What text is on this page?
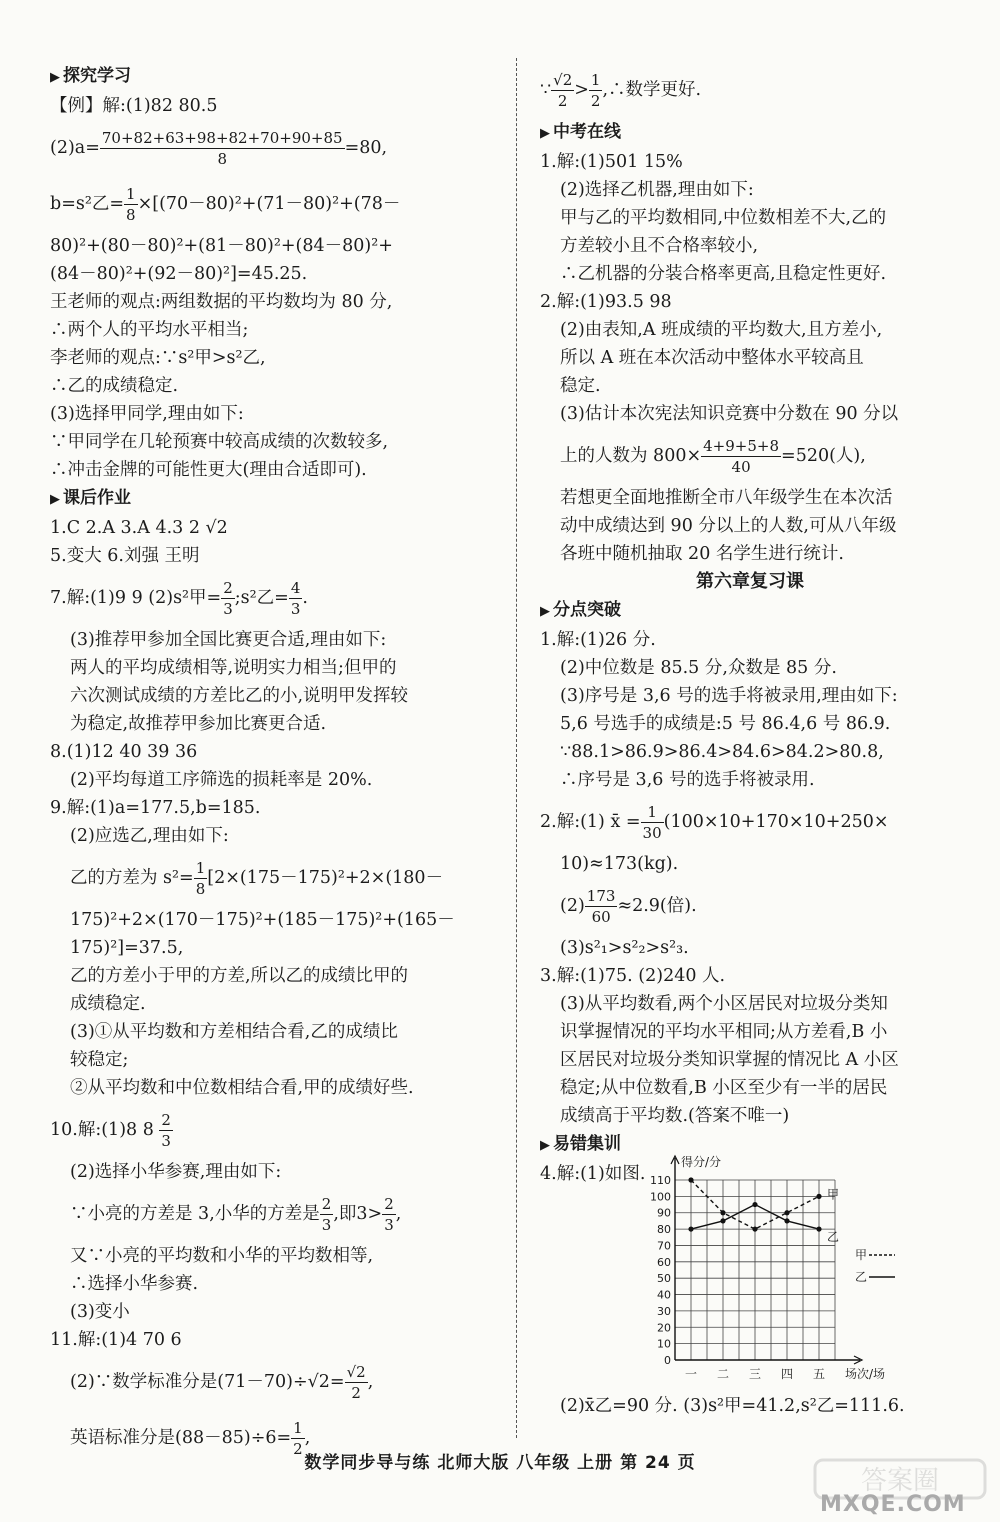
▶ 探究学习
【例】解:(1)82 80.5
$(2)a= \frac{70+82+63+98+82+70+90+85}{8} =80$,
b=s²乙= $\frac{1}{8} \times[(70-80)^2+(71-80)^2+(78-$
80)²+(80－80)²+(81－80)²+(84－80)²+
(84－80)²+(92－80)²]=45.25.
王老师的观点:两组数据的平均数均为 80 分,
∴两个人的平均水平相当;
李老师的观点:∵s²甲>s²乙,
∴乙的成绩稳定.
(3)选择甲同学,理由如下:
∵甲同学在几轮预赛中较高成绩的次数较多,
∴冲击金牌的可能性更大(理由合适即可).
▶ 课后作业
1.C 2.A 3.A 4.3 2 √2
5.变大 6.刘强 王明
7.解:(1)9 9 (2)s²甲= $\frac{2}{3}$ ;s²乙= $\frac{4}{3}$ .
(3)推荐甲参加全国比赛更合适,理由如下:
两人的平均成绩相等,说明实力相当;但甲的
六次测试成绩的方差比乙的小,说明甲发挥较
为稳定,故推荐甲参加比赛更合适.
8.(1)12 40 39 36
(2)平均每道工序筛选的损耗率是 20%.
9.解:(1)a=177.5,b=185.
(2)应选乙,理由如下:
乙的方差为 $s^2= \frac{1}{8} [2\times(175-175)^2+2\times(180-$
175)²+2×(170－175)²+(185－175)²+(165－
175)²]=37.5,
乙的方差小于甲的方差,所以乙的成绩比甲的
成绩稳定.
(3)①从平均数和方差相结合看,乙的成绩比
较稳定;
②从平均数和中位数相结合看,甲的成绩好些.
10.解:(1)8 $8 \frac{2}{3}$
(2)选择小华参赛,理由如下:
∵小亮的方差是 3,小华的方差是 $\frac{2}{3}$ ,即$3> \frac{2}{3}$ ,
又∵小亮的平均数和小华的平均数相等,
∴选择小华参赛.
(3)变小
11.解:(1)4 70 6
(2)∵数学标准分是$(71-70)\div√2= \frac{√2}{2}$ ,
英语标准分是$(88-85)\div 6= \frac{1}{2}$ ,
∵ $\frac{√2}{2} > \frac{1}{2}$ ,∴数学更好.
▶ 中考在线
1.解:(1)501 15%
(2)选择乙机器,理由如下:
甲与乙的平均数相同,中位数相差不大,乙的
方差较小且不合格率较小,
∴乙机器的分装合格率更高,且稳定性更好.
2.解:(1)93.5 98
(2)由表知,A 班成绩的平均数大,且方差小,
所以 A 班在本次活动中整体水平较高且
稳定.
(3)估计本次宪法知识竞赛中分数在 90 分以
上的人数为 $800\times \frac{4+9+5+8}{40} =520$(人),
若想更全面地推断全市八年级学生在本次活
动中成绩达到 90 分以上的人数,可从八年级
各班中随机抽取 20 名学生进行统计.
第六章复习课
▶ 分点突破
1.解:(1)26 分.
(2)中位数是 85.5 分,众数是 85 分.
(3)序号是 3,6 号的选手将被录用,理由如下:
5,6 号选手的成绩是:5 号 86.4,6 号 86.9.
∵88.1>86.9>86.4>84.6>84.2>80.8,
∴序号是 3,6 号的选手将被录用.
2.解:(1) x̄ = $\frac{1}{30} (100\times 10+170\times 10+250\times$
10)≈173(kg).
$(2) \frac{173}{60} \approx 2.9$(倍).
(3)s²₁>s²₂>s²₃.
3.解:(1)75. (2)240 人.
(3)从平均数看,两个小区居民对垃圾分类知
识掌握情况的平均水平相同;从方差看,B 小
区居民对垃圾分类知识掌握的情况比 A 小区
稳定;从中位数看,B 小区至少有一半的居民
成绩高于平均数.(答案不唯一)
▶ 易错集训
4.解:(1)如图.
0
10
20
30
40
50
60
70
80
90
100
110
得分/分
场次/场
一 二 三 四 五
甲
乙
甲
乙
(2)x̄乙=90 分. (3)s²甲=41.2,s²乙=111.6.
数学同步导与练 北师大版 八年级 上册 第 24 页
答案圈
MXQE.COM
